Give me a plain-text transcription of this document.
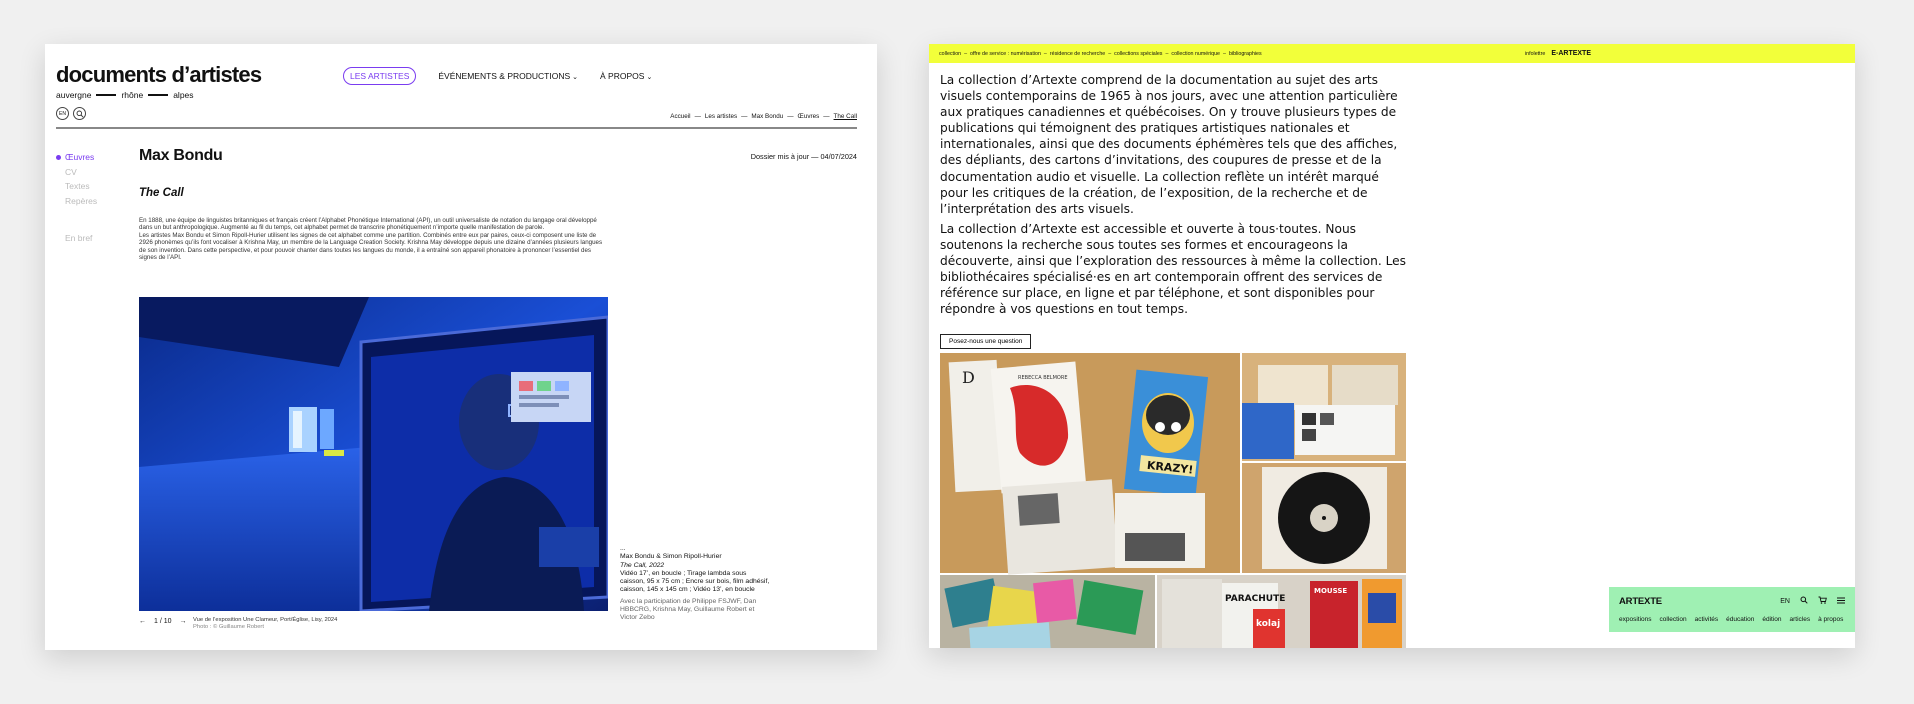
documents d’artistes
auvergne	rhône	alpes
LES ARTISTES	ÉVÉNEMENTS & PRODUCTIONS ⌄	À PROPOS ⌄
EN	Accueil — Les artistes — Max Bondu — Œuvres — The Call
Œuvres
CV
Textes
Repères
En bref
Max Bondu	Dossier mis à jour — 04/07/2024
The Call

En 1888, une équipe de linguistes britanniques et français créent l’Alphabet Phonétique International (API), un outil universaliste de notation du langage oral développé dans un but anthropologique. Augmenté au fil du temps, cet alphabet permet de transcrire phonétiquement n’importe quelle manifestation de parole.

Les artistes Max Bondu et Simon Ripoll-Hurier utilisent les signes de cet alphabet comme une partition. Combinés entre eux par paires, ceux-ci composent une liste de 2926 phonèmes qu’ils font vocaliser à Krishna May, un membre de la Language Creation Society. Krishna May développe depuis une dizaine d’années plusieurs langues de son invention. Dans cette perspective, et pour pouvoir chanter dans toutes les langues du monde, il a entraîné son appareil phonatoire à prononcer l’essentiel des signes de l’API.

← 1 / 10 → Vue de l’exposition Une Clameur, Port/Église, Lisy, 2024
Photo : © Guillaume Robert
...
Max Bondu & Simon Ripoll-Hurier
The Call, 2022
Vidéo 17’, en boucle ; Tirage lambda sous caisson, 95 x 75 cm ; Encre sur bois, film adhésif, caisson, 145 x 145 cm ; Vidéo 13’, en boucle
Avec la participation de Philippe FSJWF, Dan HBBCRG, Krishna May, Guillaume Robert et Victor Zebo
collection – offre de service : numérisation – résidence de recherche – collections spéciales – collection numérique – bibliographies	infolettre E-ARTEXTE

La collection d’Artexte comprend de la documentation au sujet des arts visuels contemporains de 1965 à nos jours, avec une attention particulière aux pratiques canadiennes et québécoises. On y trouve plusieurs types de publications qui témoignent des pratiques artistiques nationales et internationales, ainsi que des documents éphémères tels que des affiches, des dépliants, des cartons d’invitations, des coupures de presse et de la documentation audio et visuelle. La collection reflète un intérêt marqué pour les critiques de la création, de l’exposition, de la recherche et de l’interprétation des arts visuels.

La collection d’Artexte est accessible et ouverte à tous·toutes. Nous soutenons la recherche sous toutes ses formes et encourageons la découverte, ainsi que l’exploration des ressources à même la collection. Les bibliothécaires spécialisé·es en art contemporain offrent des services de référence sur place, en ligne et par téléphone, et sont disponibles pour répondre à vos questions en tout temps.

Posez-nous une question
D	REBECCA BELMORE
KRAZY!
PARACHUTE
kolaj
MOUSSE
ARTEXTE	EN
expositions collection activités éducation édition articles à propos
